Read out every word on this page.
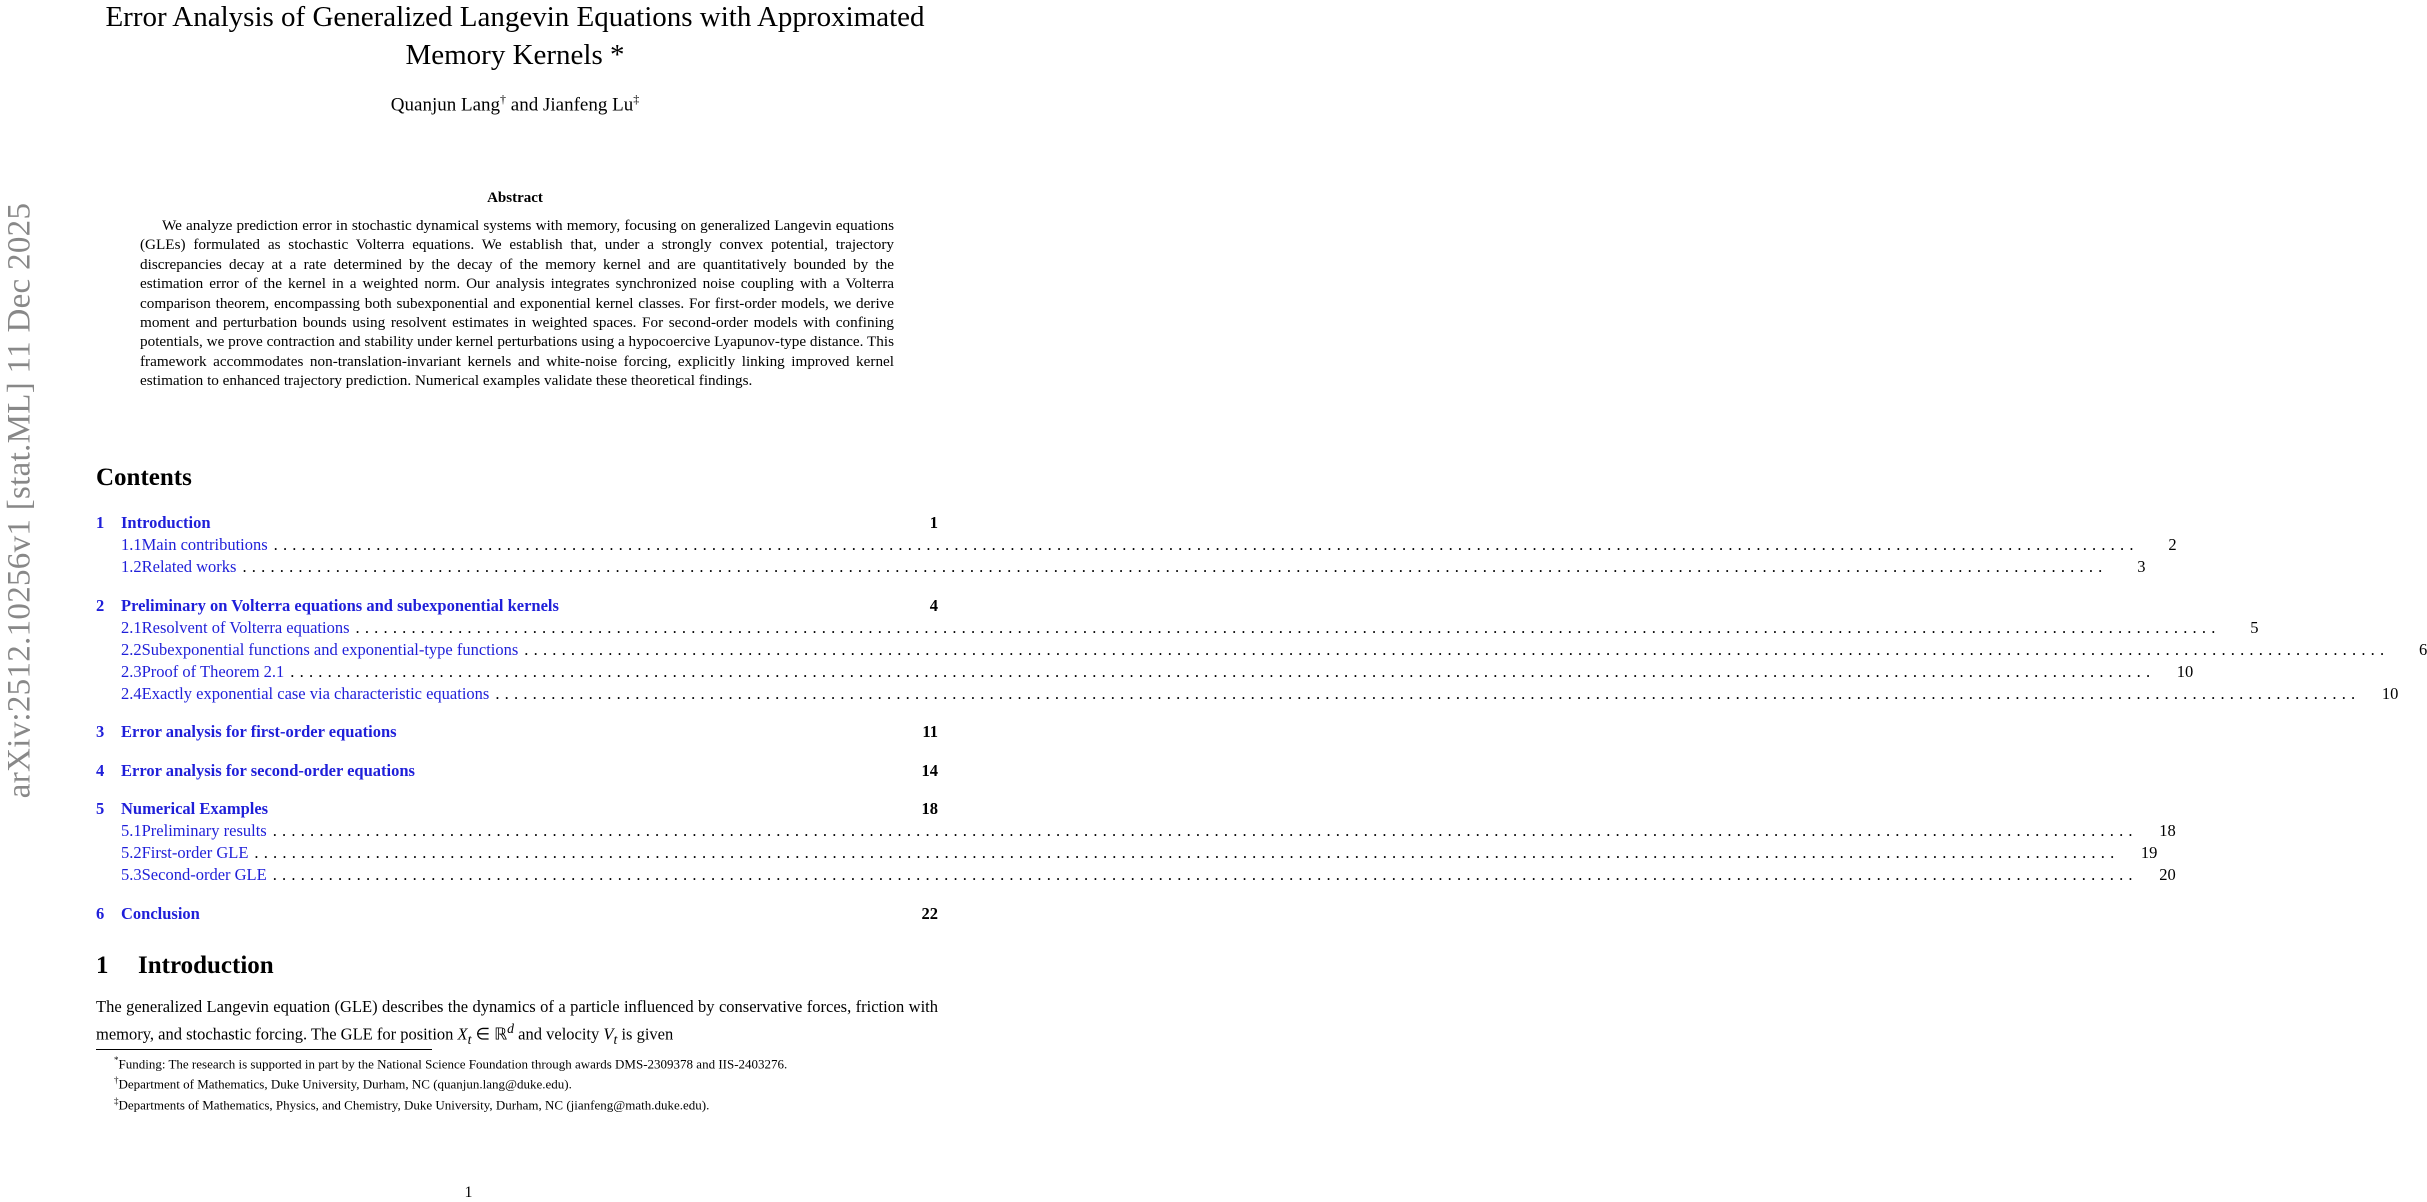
arXiv:2512.10256v1 [stat.ML] 11 Dec 2025
Error Analysis of Generalized Langevin Equations with Approximated Memory Kernels *
Quanjun Lang† and Jianfeng Lu‡
Abstract
We analyze prediction error in stochastic dynamical systems with memory, focusing on generalized Langevin equations (GLEs) formulated as stochastic Volterra equations. We establish that, under a strongly convex potential, trajectory discrepancies decay at a rate determined by the decay of the memory kernel and are quantitatively bounded by the estimation error of the kernel in a weighted norm. Our analysis integrates synchronized noise coupling with a Volterra comparison theorem, encompassing both subexponential and exponential kernel classes. For first-order models, we derive moment and perturbation bounds using resolvent estimates in weighted spaces. For second-order models with confining potentials, we prove contraction and stability under kernel perturbations using a hypocoercive Lyapunov-type distance. This framework accommodates non-translation-invariant kernels and white-noise forcing, explicitly linking improved kernel estimation to enhanced trajectory prediction. Numerical examples validate these theoretical findings.
Contents
1	Introduction	1
1.1 Main contributions ........................................................................................................................................................................................................	2
1.2 Related works ........................................................................................................................................................................................................	3
2	Preliminary on Volterra equations and subexponential kernels	4
2.1 Resolvent of Volterra equations ........................................................................................................................................................................................................	5
2.2 Subexponential functions and exponential-type functions ........................................................................................................................................................................................................	6
2.3 Proof of Theorem 2.1 ........................................................................................................................................................................................................	10
2.4 Exactly exponential case via characteristic equations ........................................................................................................................................................................................................	10
3	Error analysis for first-order equations	11
4	Error analysis for second-order equations	14
5	Numerical Examples	18
5.1 Preliminary results ........................................................................................................................................................................................................	18
5.2 First-order GLE ........................................................................................................................................................................................................	19
5.3 Second-order GLE ........................................................................................................................................................................................................	20
6	Conclusion	22
1 Introduction

The generalized Langevin equation (GLE) describes the dynamics of a particle influenced by conservative forces, friction with memory, and stochastic forcing. The GLE for position $X_t$ ∈ ℝ$^d$ and velocity $V_t$ is given

*Funding: The research is supported in part by the National Science Foundation through awards DMS-2309378 and IIS-2403276.

†Department of Mathematics, Duke University, Durham, NC (quanjun.lang@duke.edu).

‡Departments of Mathematics, Physics, and Chemistry, Duke University, Durham, NC (jianfeng@math.duke.edu).

1
